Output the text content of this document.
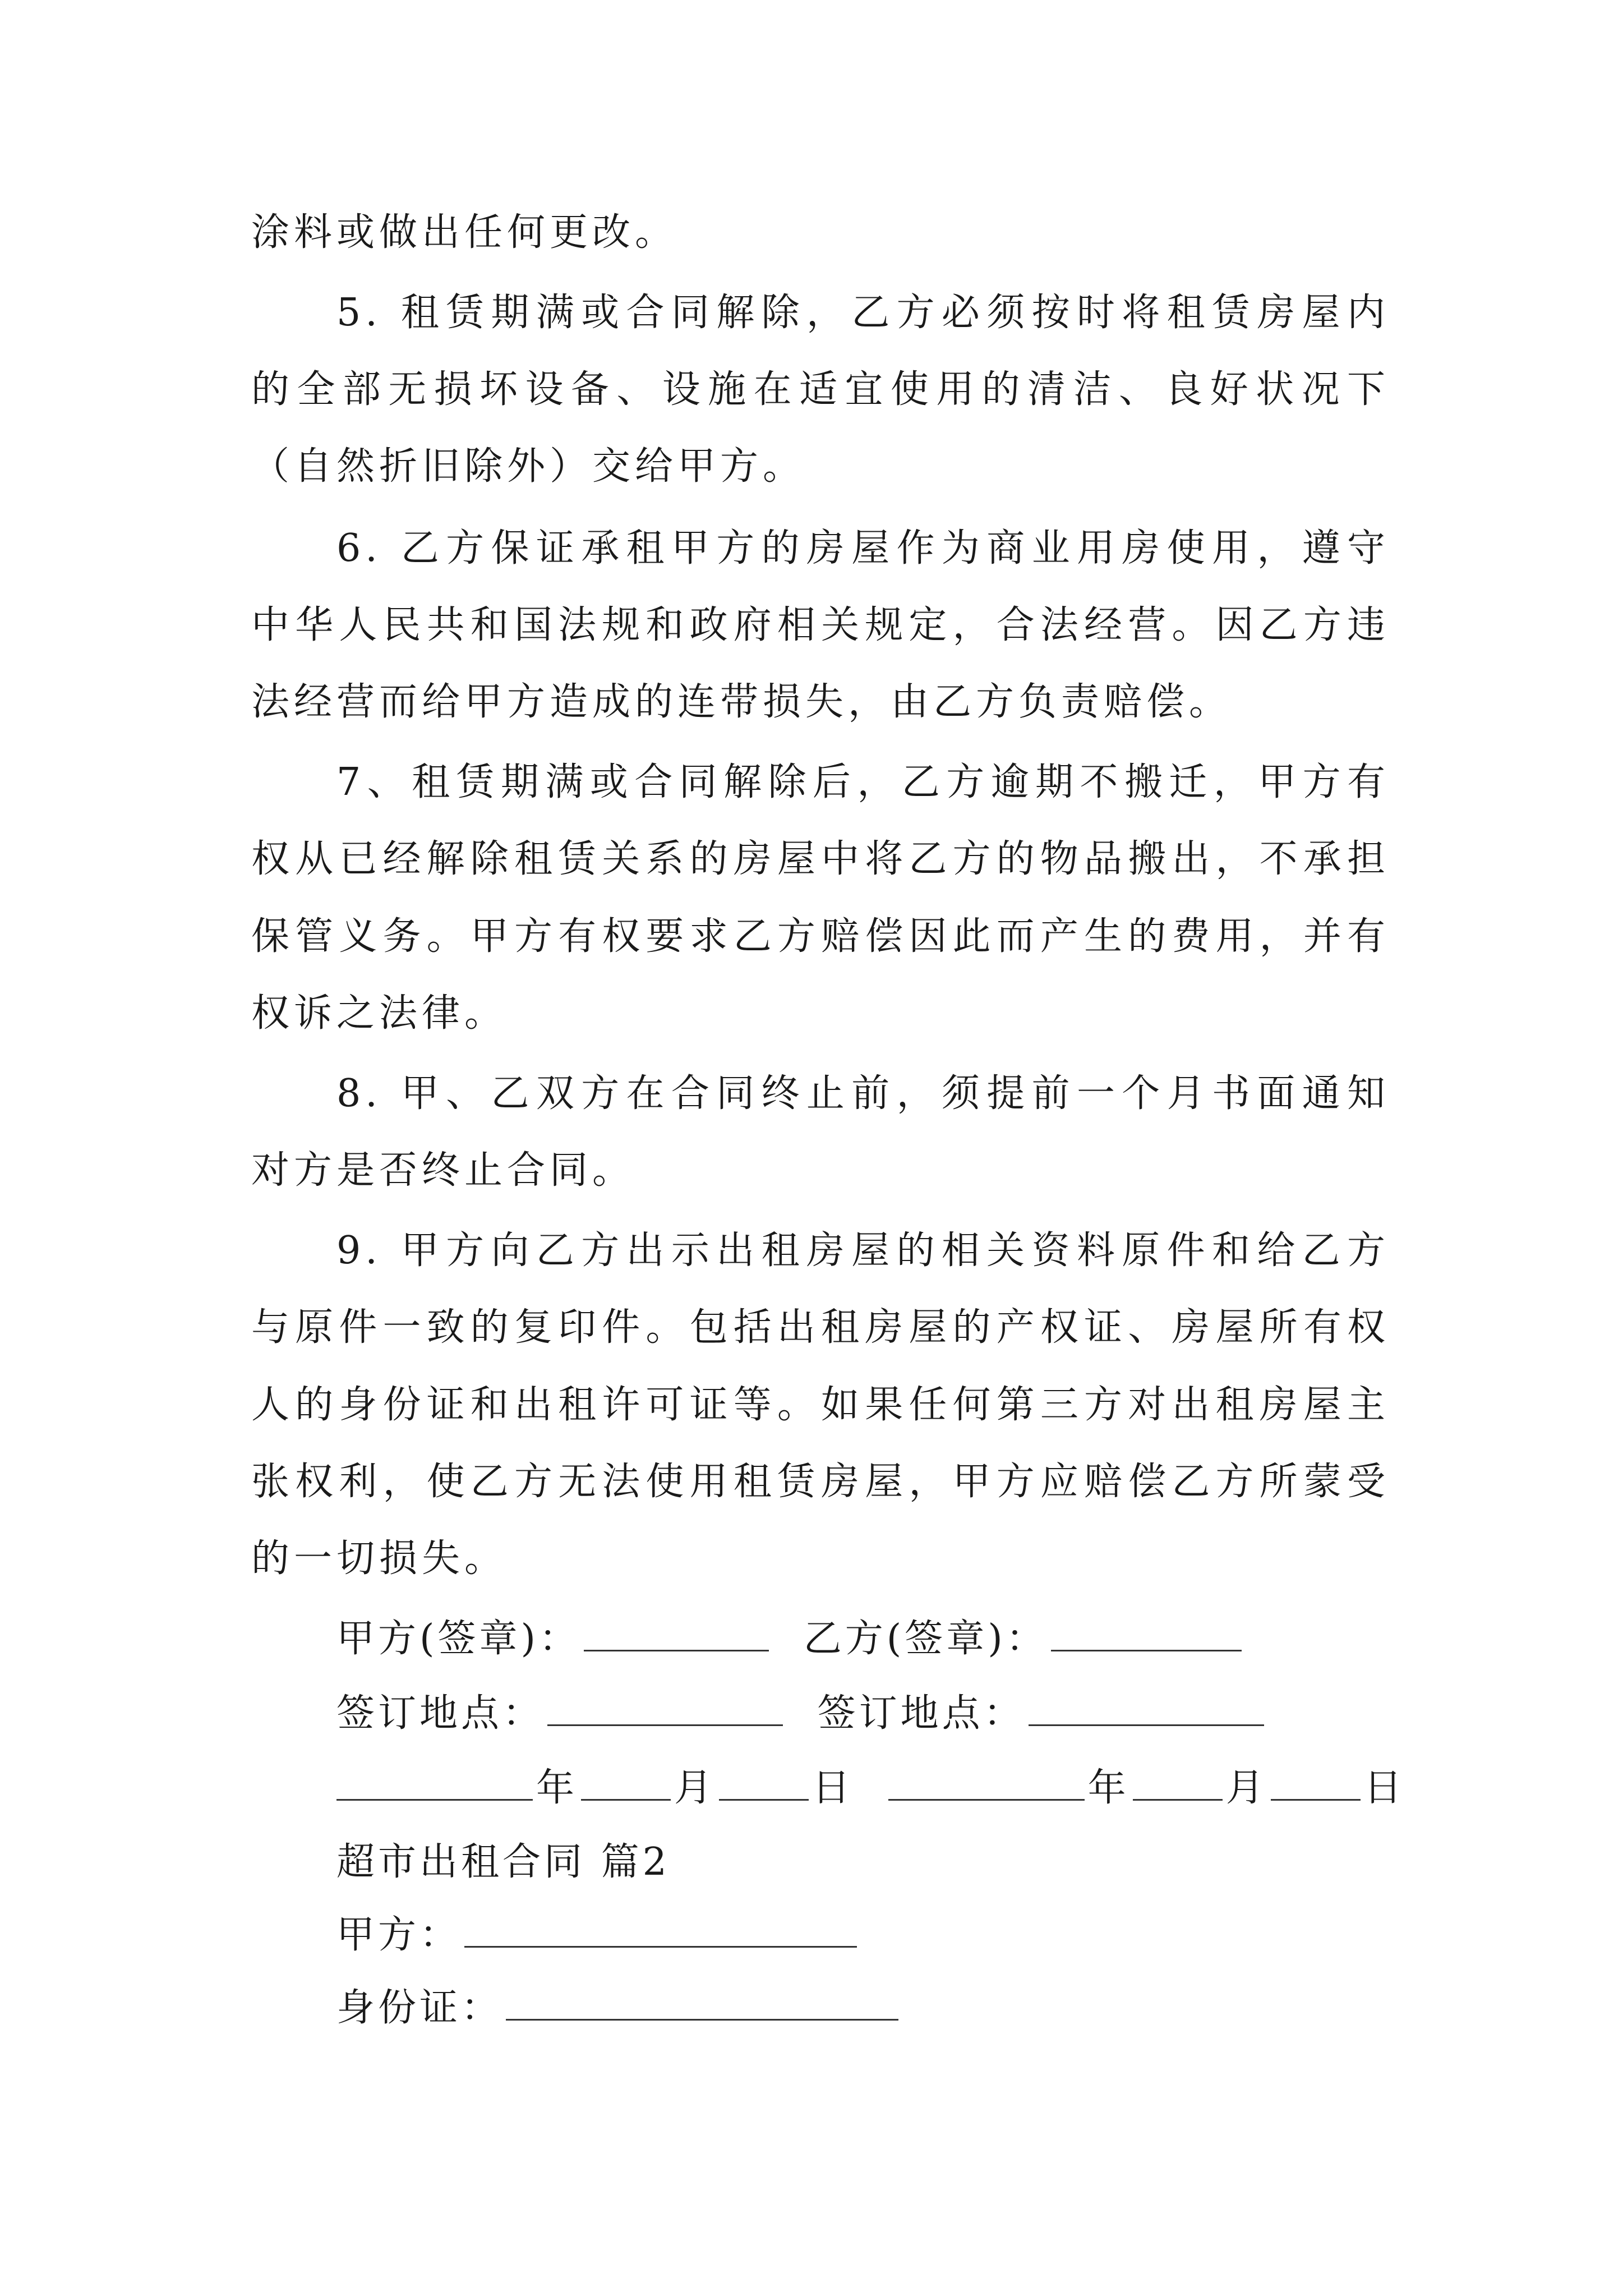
涂料或做出任何更改。
5. 租赁期满或合同解除，乙方必须按时将租赁房屋内
的全部无损坏设备、设施在适宜使用的清洁、良好状况下
（自然折旧除外）交给甲方。
6. 乙方保证承租甲方的房屋作为商业用房使用，遵守
中华人民共和国法规和政府相关规定，合法经营。因乙方违
法经营而给甲方造成的连带损失，由乙方负责赔偿。
7、租赁期满或合同解除后，乙方逾期不搬迁，甲方有
权从已经解除租赁关系的房屋中将乙方的物品搬出，不承担
保管义务。甲方有权要求乙方赔偿因此而产生的费用，并有
权诉之法律。
8. 甲、乙双方在合同终止前，须提前一个月书面通知
对方是否终止合同。
9. 甲方向乙方出示出租房屋的相关资料原件和给乙方
与原件一致的复印件。包括出租房屋的产权证、房屋所有权
人的身份证和出租许可证等。如果任何第三方对出租房屋主
张权利，使乙方无法使用租赁房屋，甲方应赔偿乙方所蒙受
的一切损失。
甲方(签章)：	乙方(签章)：
签订地点：	签订地点：
年	月	日	年	月	日
超市出租合同 篇2
甲方：
身份证：
